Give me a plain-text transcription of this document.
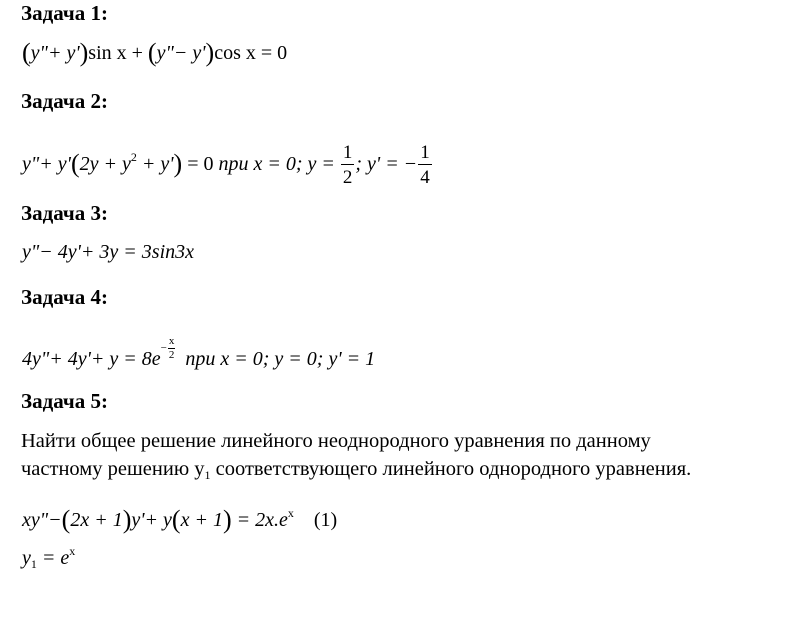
Задача 1:
(y"+ y')sin x + (y"− y')cos x = 0
Задача 2:
y"+ $y'(2y + y^2 + y') = 0$ при x = 0; $y = \frac{1}{2}$ ; y' = − $\frac{1}{4}$
Задача 3:
y"− 4y'+ 3y = 3sin3x
Задача 4:
4y"+ $4y'+ y = 8e- \frac{x}{2}$ при x = 0; y = 0; y' = 1
Задача 5:
Найти общее решение линейного неоднородного уравнения по данному
частному решению $y_1$ соответствующего линейного однородного уравнения.
xy"−(2x + $1)y'+ y(x + 1) = 2x.e^x$ (1)
$y_1 = e^x$
